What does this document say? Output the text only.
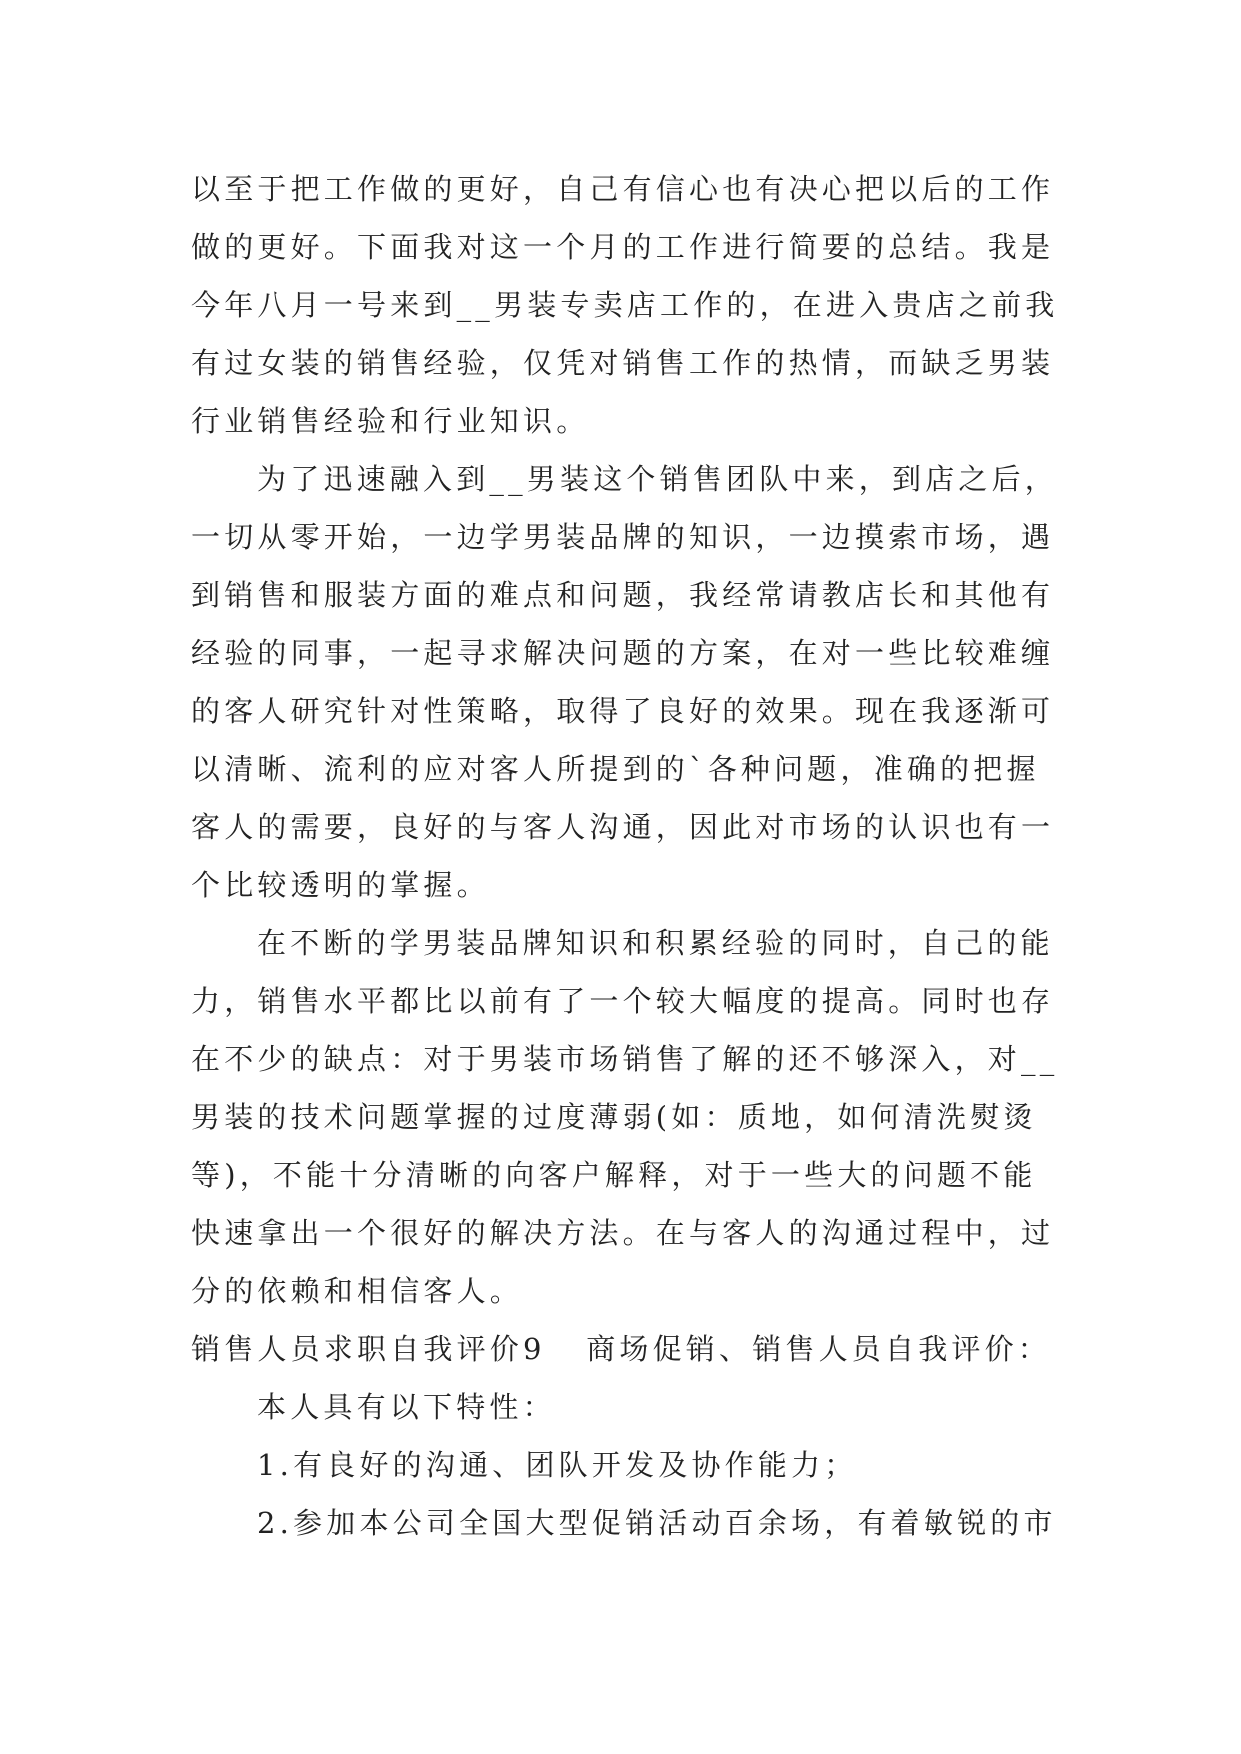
以至于把工作做的更好，自己有信心也有决心把以后的工作
做的更好。下面我对这一个月的工作进行简要的总结。我是
今年八月一号来到__男装专卖店工作的，在进入贵店之前我
有过女装的销售经验，仅凭对销售工作的热情，而缺乏男装
行业销售经验和行业知识。
为了迅速融入到__男装这个销售团队中来，到店之后，
一切从零开始，一边学男装品牌的知识，一边摸索市场，遇
到销售和服装方面的难点和问题，我经常请教店长和其他有
经验的同事，一起寻求解决问题的方案，在对一些比较难缠
的客人研究针对性策略，取得了良好的效果。现在我逐渐可
以清晰、流利的应对客人所提到的`各种问题，准确的把握
客人的需要，良好的与客人沟通，因此对市场的认识也有一
个比较透明的掌握。
在不断的学男装品牌知识和积累经验的同时，自己的能
力，销售水平都比以前有了一个较大幅度的提高。同时也存
在不少的缺点：对于男装市场销售了解的还不够深入，对__
男装的技术问题掌握的过度薄弱(如：质地，如何清洗熨烫
等)，不能十分清晰的向客户解释，对于一些大的问题不能
快速拿出一个很好的解决方法。在与客人的沟通过程中，过
分的依赖和相信客人。
销售人员求职自我评价9 商场促销、销售人员自我评价：
本人具有以下特性：
1.有良好的沟通、团队开发及协作能力；
2.参加本公司全国大型促销活动百余场，有着敏锐的市
